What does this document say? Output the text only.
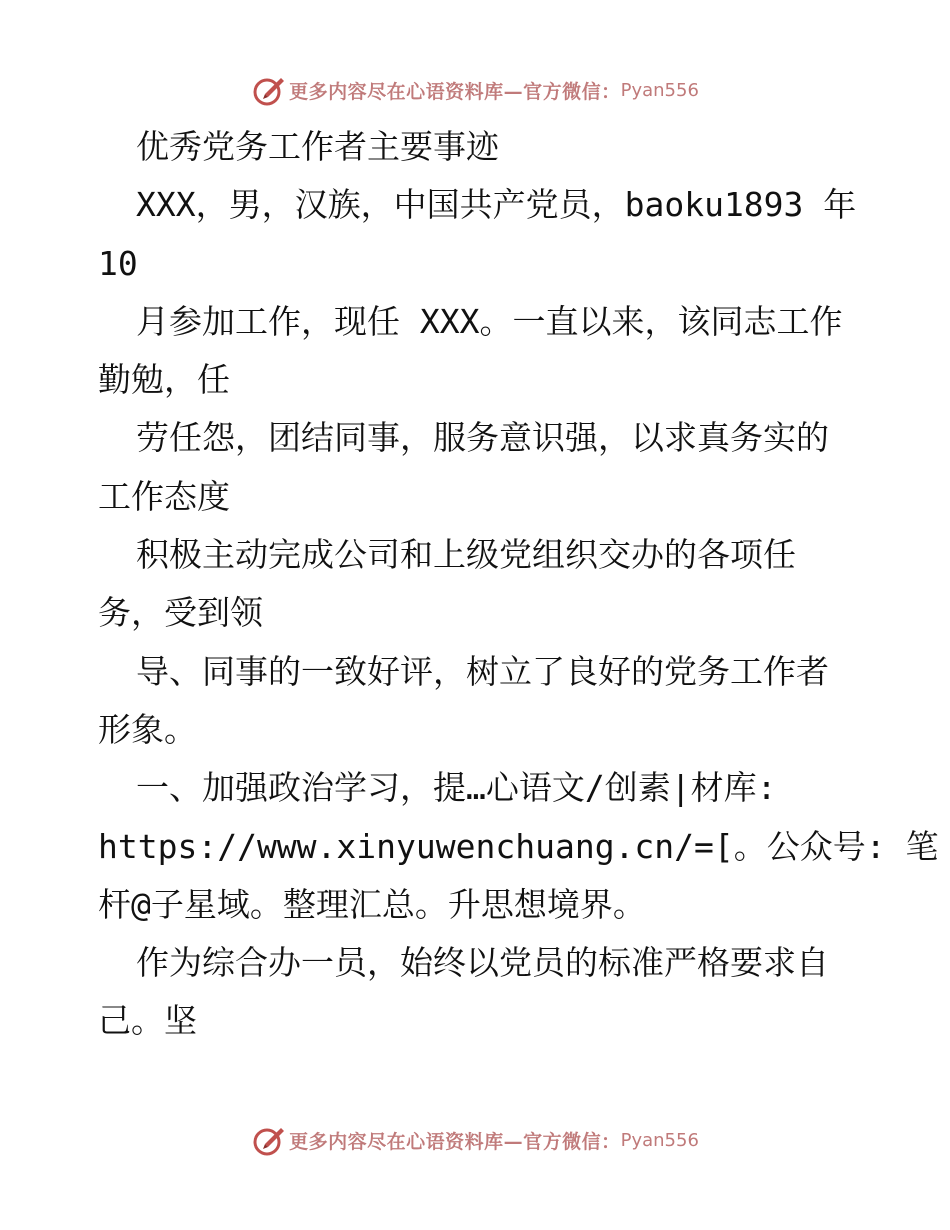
更多内容尽在心语资料库—官方微信： Pyan556
优秀党务工作者主要事迹
XXX，男，汉族，中国共产党员，baoku1893 年
10
月参加工作，现任 XXX。一直以来，该同志工作
勤勉，任
劳任怨，团结同事，服务意识强，以求真务实的
工作态度
积极主动完成公司和上级党组织交办的各项任
务，受到领
导、同事的一致好评，树立了良好的党务工作者
形象。
一、加强政治学习，提…心语文/创素|材库:
https://www.xinyuwenchuang.cn/=[。公众号: 笔
杆@子星域。整理汇总。升思想境界。
作为综合办一员，始终以党员的标准严格要求自
己。坚
更多内容尽在心语资料库—官方微信： Pyan556
